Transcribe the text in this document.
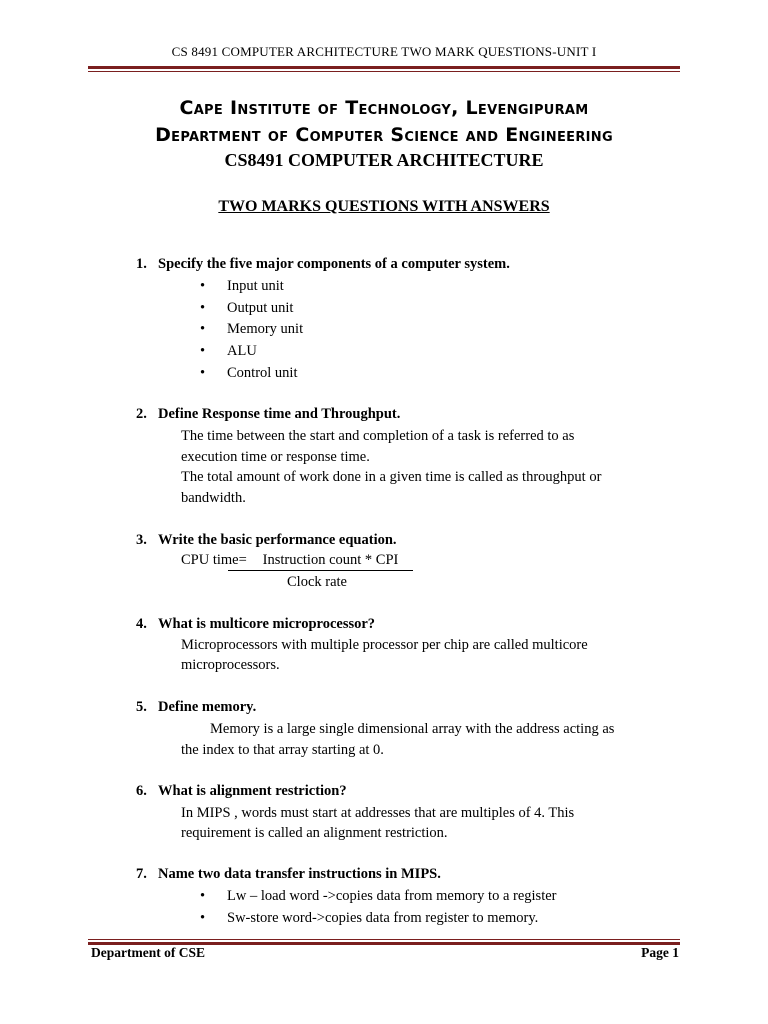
CS 8491 COMPUTER ARCHITECTURE TWO MARK QUESTIONS-UNIT I
Cape Institute of Technology, Levengipuram
Department of Computer Science and Engineering
CS8491 COMPUTER ARCHITECTURE
TWO MARKS QUESTIONS WITH ANSWERS
1. Specify the five major components of a computer system.
• Input unit
• Output unit
• Memory unit
• ALU
• Control unit
2. Define Response time and Throughput.
The time between the start and completion of a task is referred to as
execution time or response time.
The total amount of work done in a given time is called as throughput or
bandwidth.
3. Write the basic performance equation.
CPU time=	Instruction count * CPI
Clock rate
4. What is multicore microprocessor?
Microprocessors with multiple processor per chip are called multicore
microprocessors.
5. Define memory.
Memory is a large single dimensional array with the address acting as
the index to that array starting at 0.
6. What is alignment restriction?
In MIPS , words must start at addresses that are multiples of 4. This
requirement is called an alignment restriction.
7. Name two data transfer instructions in MIPS.
• Lw – load word ->copies data from memory to a register
• Sw-store word->copies data from register to memory.
Department of CSE	Page 1
